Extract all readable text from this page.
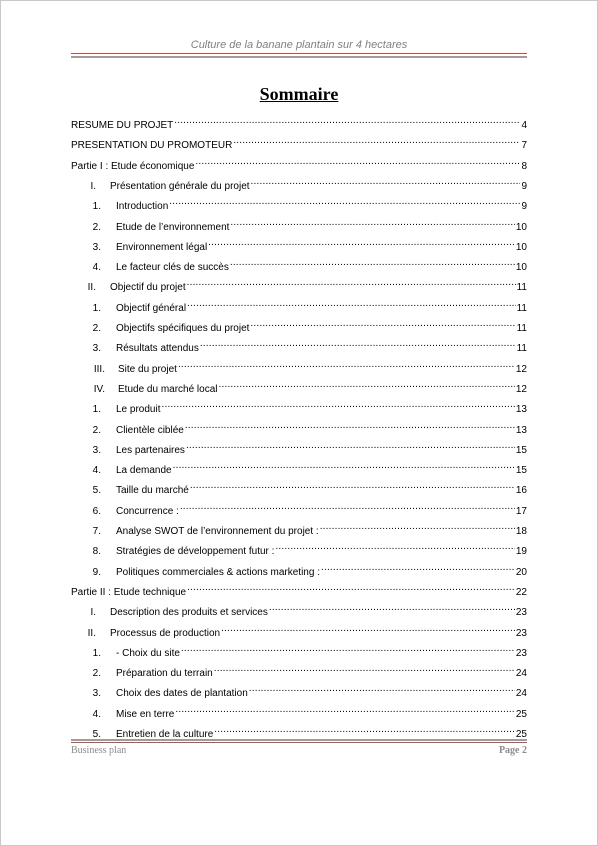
Culture de la banane plantain sur 4 hectares
Sommaire
RESUME DU PROJET .....	4
PRESENTATION DU PROMOTEUR .....	7
Partie I : Etude économique .....	8
I.	Présentation générale du projet .....	9
1.	Introduction .....	9
2.	Etude de l’environnement .....	10
3.	Environnement légal .....	10
4.	Le facteur clés de succès .....	10
II.	Objectif du projet .....	11
1.	Objectif général .....	11
2.	Objectifs spécifiques du projet .....	11
3.	Résultats attendus .....	11
III.	Site du projet .....	12
IV.	Etude du marché local .....	12
1.	Le produit .....	13
2.	Clientèle ciblée .....	13
3.	Les partenaires .....	15
4.	La demande .....	15
5.	Taille du marché .....	16
6.	Concurrence : .....	17
7.	Analyse SWOT de l’environnement du projet : .....	18
8.	Stratégies de développement futur : .....	19
9.	Politiques commerciales & actions marketing : .....	20
Partie II : Etude technique .....	22
I.	Description des produits et services .....	23
II.	Processus de production .....	23
1.	- Choix du site .....	23
2.	Préparation du terrain .....	24
3.	Choix des dates de plantation .....	24
4.	Mise en terre .....	25
5.	Entretien de la culture .....	25
Business plan	Page 2
